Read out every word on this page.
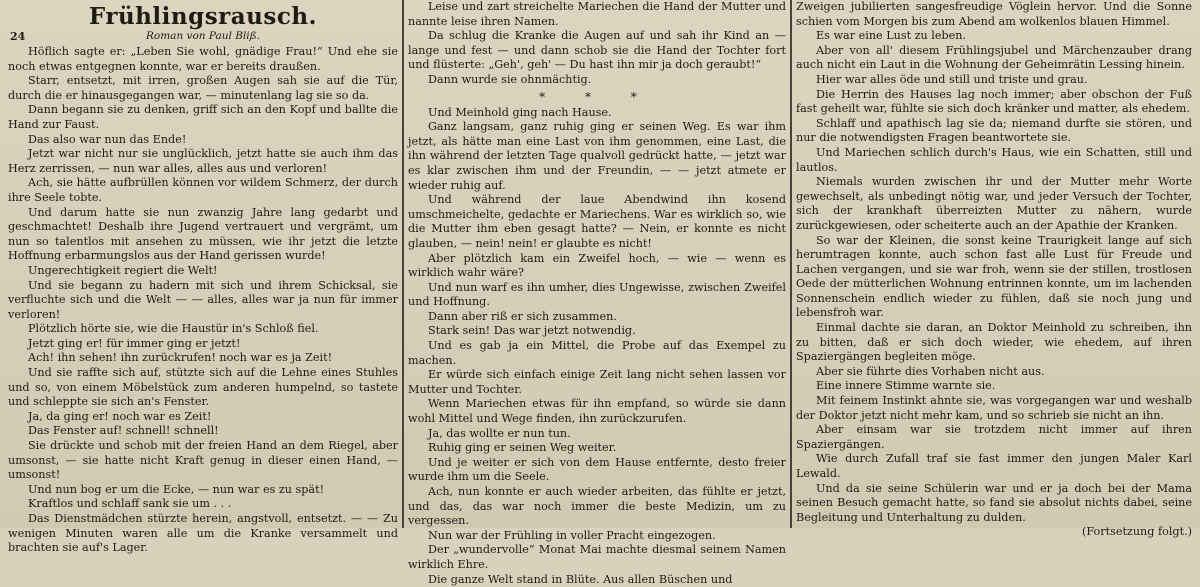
24
Frühlingsrausch.
Roman von Paul Bliß.

Höflich sagte er: „Leben Sie wohl, gnädige Frau!“ Und ehe sie noch etwas entgegnen konnte, war er bereits draußen.

Starr, entsetzt, mit irren, großen Augen sah sie auf die Tür, durch die er hinausgegangen war, — minutenlang lag sie so da.

Dann begann sie zu denken, griff sich an den Kopf und ballte die Hand zur Faust.

Das also war nun das Ende!

Jetzt war nicht nur sie unglücklich, jetzt hatte sie auch ihm das Herz zerrissen, — nun war alles, alles aus und verloren!

Ach, sie hätte aufbrüllen können vor wildem Schmerz, der durch ihre Seele tobte.

Und darum hatte sie nun zwanzig Jahre lang gedarbt und geschmachtet! Deshalb ihre Jugend vertrauert und vergrämt, um nun so talentlos mit ansehen zu müssen, wie ihr jetzt die letzte Hoffnung erbarmungslos aus der Hand gerissen wurde!

Ungerechtigkeit regiert die Welt!

Und sie begann zu hadern mit sich und ihrem Schicksal, sie verfluchte sich und die Welt — — alles, alles war ja nun für immer verloren!

Plötzlich hörte sie, wie die Haustür in's Schloß fiel.

Jetzt ging er! für immer ging er jetzt!

Ach! ihn sehen! ihn zurückrufen! noch war es ja Zeit!

Und sie raffte sich auf, stützte sich auf die Lehne eines Stuhles und so, von einem Möbelstück zum anderen humpelnd, so tastete und schleppte sie sich an's Fenster.

Ja, da ging er! noch war es Zeit!

Das Fenster auf! schnell! schnell!

Sie drückte und schob mit der freien Hand an dem Riegel, aber umsonst, — sie hatte nicht Kraft genug in dieser einen Hand, — umsonst!

Und nun bog er um die Ecke, — nun war es zu spät!

Kraftlos und schlaff sank sie um . . .

Das Dienstmädchen stürzte herein, angstvoll, entsetzt. — — Zu wenigen Minuten waren alle um die Kranke versammelt und brachten sie auf's Lager.

Leise und zart streichelte Mariechen die Hand der Mutter und nannte leise ihren Namen.

Da schlug die Kranke die Augen auf und sah ihr Kind an — lange und fest — und dann schob sie die Hand der Tochter fort und flüsterte: „Geh', geh' — Du hast ihn mir ja doch geraubt!“

Dann wurde sie ohnmächtig.

* * *

Und Meinhold ging nach Hause.

Ganz langsam, ganz ruhig ging er seinen Weg. Es war ihm jetzt, als hätte man eine Last von ihm genommen, eine Last, die ihn während der letzten Tage qualvoll gedrückt hatte, — jetzt war es klar zwischen ihm und der Freundin, — — jetzt atmete er wieder ruhig auf.

Und während der laue Abendwind ihn kosend umschmeichelte, gedachte er Mariechens. War es wirklich so, wie die Mutter ihm eben gesagt hatte? — Nein, er konnte es nicht glauben, — nein! nein! er glaubte es nicht!

Aber plötzlich kam ein Zweifel hoch, — wie — wenn es wirklich wahr wäre?

Und nun warf es ihn umher, dies Ungewisse, zwischen Zweifel und Hoffnung.

Dann aber riß er sich zusammen.

Stark sein! Das war jetzt notwendig.

Und es gab ja ein Mittel, die Probe auf das Exempel zu machen.

Er würde sich einfach einige Zeit lang nicht sehen lassen vor Mutter und Tochter.

Wenn Mariechen etwas für ihn empfand, so würde sie dann wohl Mittel und Wege finden, ihn zurückzurufen.

Ja, das wollte er nun tun.

Ruhig ging er seinen Weg weiter.

Und je weiter er sich von dem Hause entfernte, desto freier wurde ihm um die Seele.

Ach, nun konnte er auch wieder arbeiten, das fühlte er jetzt, und das, das war noch immer die beste Medizin, um zu vergessen.

Nun war der Frühling in voller Pracht eingezogen.

Der „wundervolle“ Monat Mai machte diesmal seinem Namen wirklich Ehre.

Die ganze Welt stand in Blüte. Aus allen Büschen und

Zweigen jubilierten sangesfreudige Vöglein hervor. Und die Sonne schien vom Morgen bis zum Abend am wolkenlos blauen Himmel.

Es war eine Lust zu leben.

Aber von all' diesem Frühlingsjubel und Märchenzauber drang auch nicht ein Laut in die Wohnung der Geheimrätin Lessing hinein.

Hier war alles öde und still und triste und grau.

Die Herrin des Hauses lag noch immer; aber obschon der Fuß fast geheilt war, fühlte sie sich doch kränker und matter, als ehedem.

Schlaff und apathisch lag sie da; niemand durfte sie stören, und nur die notwendigsten Fragen beantwortete sie.

Und Mariechen schlich durch's Haus, wie ein Schatten, still und lautlos.

Niemals wurden zwischen ihr und der Mutter mehr Worte gewechselt, als unbedingt nötig war, und jeder Versuch der Tochter, sich der krankhaft überreizten Mutter zu nähern, wurde zurückgewiesen, oder scheiterte auch an der Apathie der Kranken.

So war der Kleinen, die sonst keine Traurigkeit lange auf sich herumtragen konnte, auch schon fast alle Lust für Freude und Lachen vergangen, und sie war froh, wenn sie der stillen, trostlosen Oede der mütterlichen Wohnung entrinnen konnte, um im lachenden Sonnenschein endlich wieder zu fühlen, daß sie noch jung und lebensfroh war.

Einmal dachte sie daran, an Doktor Meinhold zu schreiben, ihn zu bitten, daß er sich doch wieder, wie ehedem, auf ihren Spaziergängen begleiten möge.

Aber sie führte dies Vorhaben nicht aus.

Eine innere Stimme warnte sie.

Mit feinem Instinkt ahnte sie, was vorgegangen war und weshalb der Doktor jetzt nicht mehr kam, und so schrieb sie nicht an ihn.

Aber einsam war sie trotzdem nicht immer auf ihren Spaziergängen.

Wie durch Zufall traf sie fast immer den jungen Maler Karl Lewald.

Und da sie seine Schülerin war und er ja doch bei der Mama seinen Besuch gemacht hatte, so fand sie absolut nichts dabei, seine Begleitung und Unterhaltung zu dulden.

(Fortsetzung folgt.)
